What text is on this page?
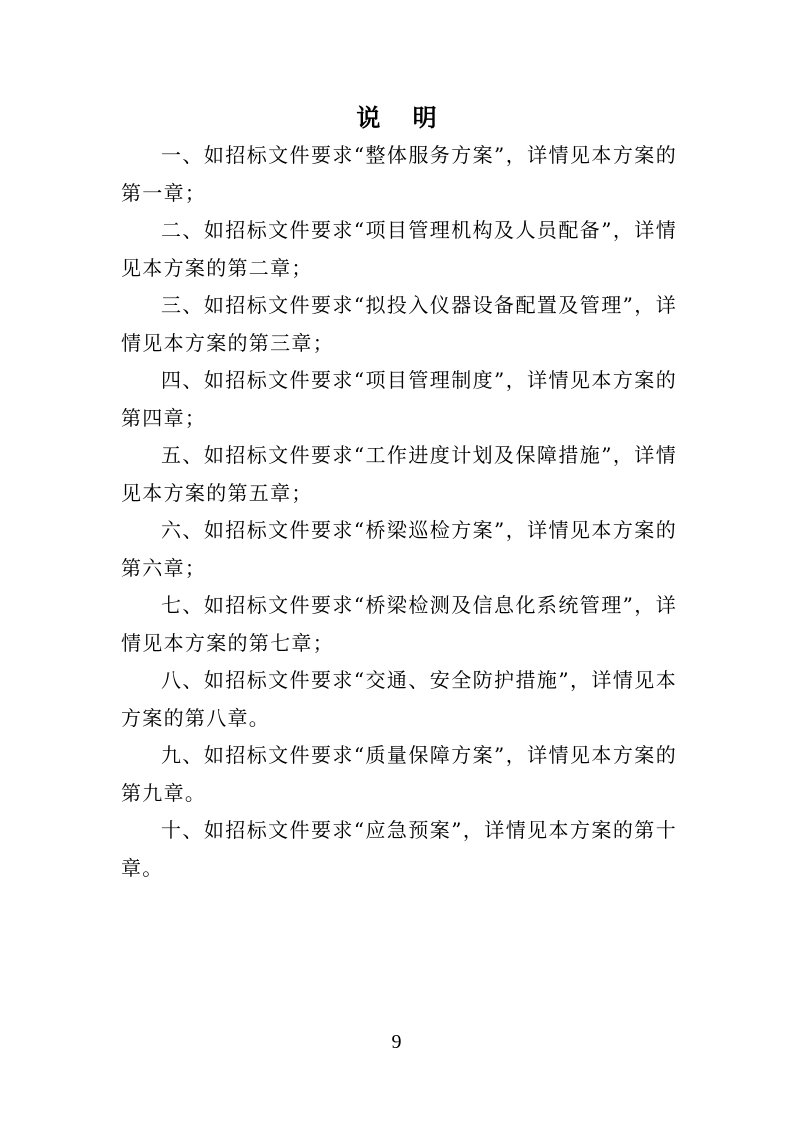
说 明

一、如招标文件要求“整体服务方案”，详情见本方案的第一章；

二、如招标文件要求“项目管理机构及人员配备”，详情见本方案的第二章；

三、如招标文件要求“拟投入仪器设备配置及管理”，详情见本方案的第三章；

四、如招标文件要求“项目管理制度”，详情见本方案的第四章；

五、如招标文件要求“工作进度计划及保障措施”，详情见本方案的第五章；

六、如招标文件要求“桥梁巡检方案”，详情见本方案的第六章；

七、如招标文件要求“桥梁检测及信息化系统管理”，详情见本方案的第七章；

八、如招标文件要求“交通、安全防护措施”，详情见本方案的第八章。

九、如招标文件要求“质量保障方案”，详情见本方案的第九章。

十、如招标文件要求“应急预案”，详情见本方案的第十章。

9
